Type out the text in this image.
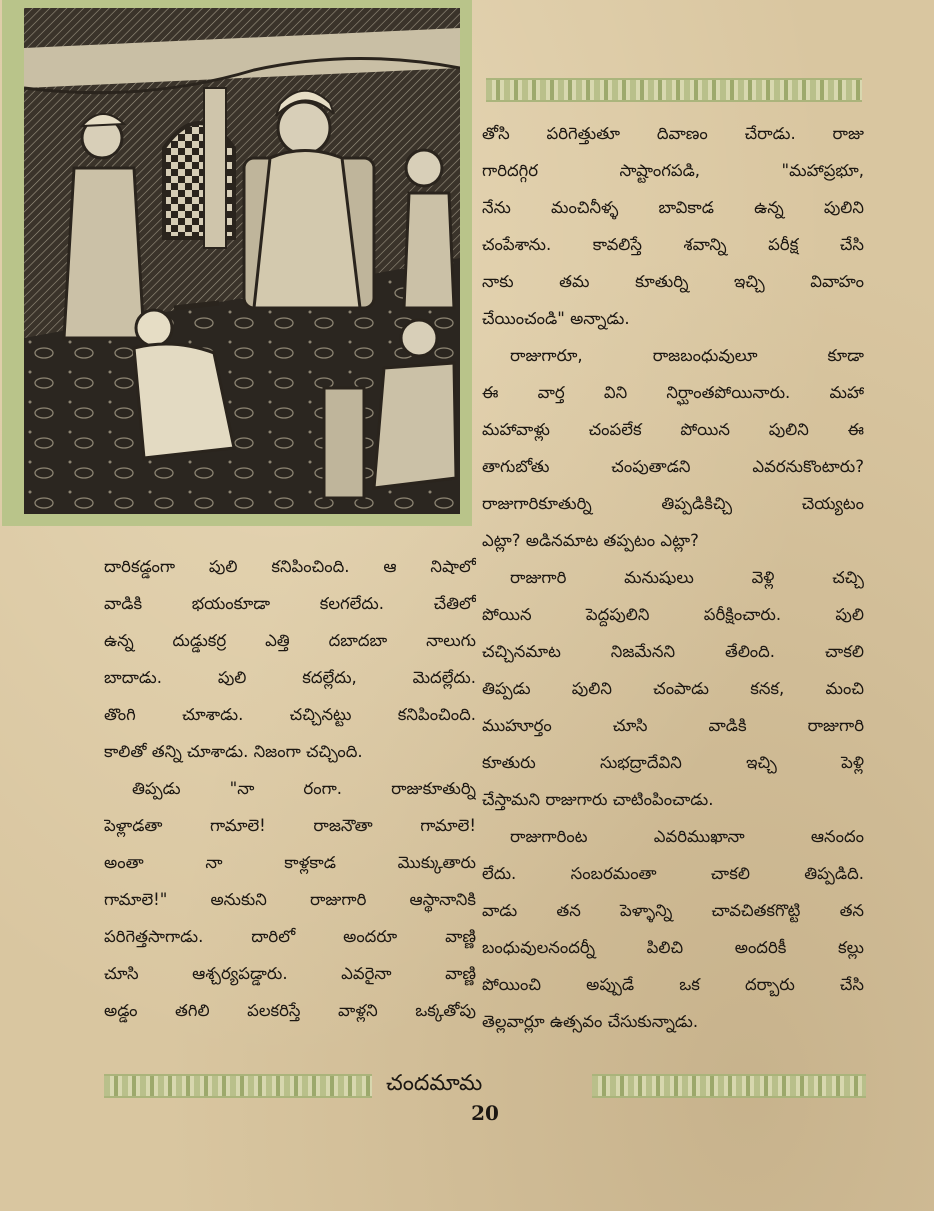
తోసి పరిగెత్తుతూ దివాణం చేరాడు. రాజు
గారిదగ్గిర సాష్టాంగపడి, "మహాప్రభూ,
నేను మంచినీళ్ళ బావికాడ ఉన్న పులిని
చంపేశాను. కావలిస్తే శవాన్ని పరీక్ష చేసి
నాకు తమ కూతుర్ని ఇచ్చి వివాహం
చేయించండి" అన్నాడు.
రాజుగారూ, రాజబంధువులూ కూడా
ఈ వార్త విని నిర్ఘాంతపోయినారు. మహా
మహావాళ్లు చంపలేక పోయిన పులిని ఈ
తాగుబోతు చంపుతాడని ఎవరనుకొంటారు?
రాజుగారికూతుర్ని తిప్పడికిచ్చి చెయ్యటం
ఎట్లా? అడినమాట తప్పటం ఎట్లా?
రాజుగారి మనుషులు వెళ్లి చచ్చి
పోయిన పెద్దపులిని పరీక్షించారు. పులి
చచ్చినమాట నిజమేనని తేలింది. చాకలి
తిప్పడు పులిని చంపాడు కనక, మంచి
ముహూర్తం చూసి వాడికి రాజుగారి
కూతురు సుభద్రాదేవిని ఇచ్చి పెళ్లి
చేస్తామని రాజుగారు చాటింపించాడు.
రాజుగారింట ఎవరిముఖానా ఆనందం
లేదు. సంబరమంతా చాకలి తిప్పడిది.
వాడు తన పెళ్ళాన్ని చావచితకగొట్టి తన
బంధువులనందర్నీ పిలిచి అందరికీ కల్లు
పోయించి అప్పుడే ఒక దర్బారు చేసి
తెల్లవార్లూ ఉత్సవం చేసుకున్నాడు.
దారికడ్డంగా పులి కనిపించింది. ఆ నిషాలో
వాడికి భయంకూడా కలగలేదు. చేతిలో
ఉన్న దుడ్డుకర్ర ఎత్తి దబాదబా నాలుగు
బాదాడు. పులి కదల్లేదు, మెదల్లేదు.
తొంగి చూశాడు. చచ్చినట్టు కనిపించింది.
కాలితో తన్ని చూశాడు. నిజంగా చచ్చింది.
తిప్పడు "నా రంగా. రాజుకూతుర్ని
పెళ్లాడతా గామాలె! రాజనౌతా గామాలె!
అంతా నా కాళ్లకాడ మొక్కుతారు
గామాలె!" అనుకుని రాజుగారి ఆస్థానానికి
పరిగెత్తసాగాడు. దారిలో అందరూ వాణ్ణి
చూసి ఆశ్చర్యపడ్డారు. ఎవరైనా వాణ్ణి
అడ్డం తగిలి పలకరిస్తే వాళ్లని ఒక్కతోపు
చందమామ
20
